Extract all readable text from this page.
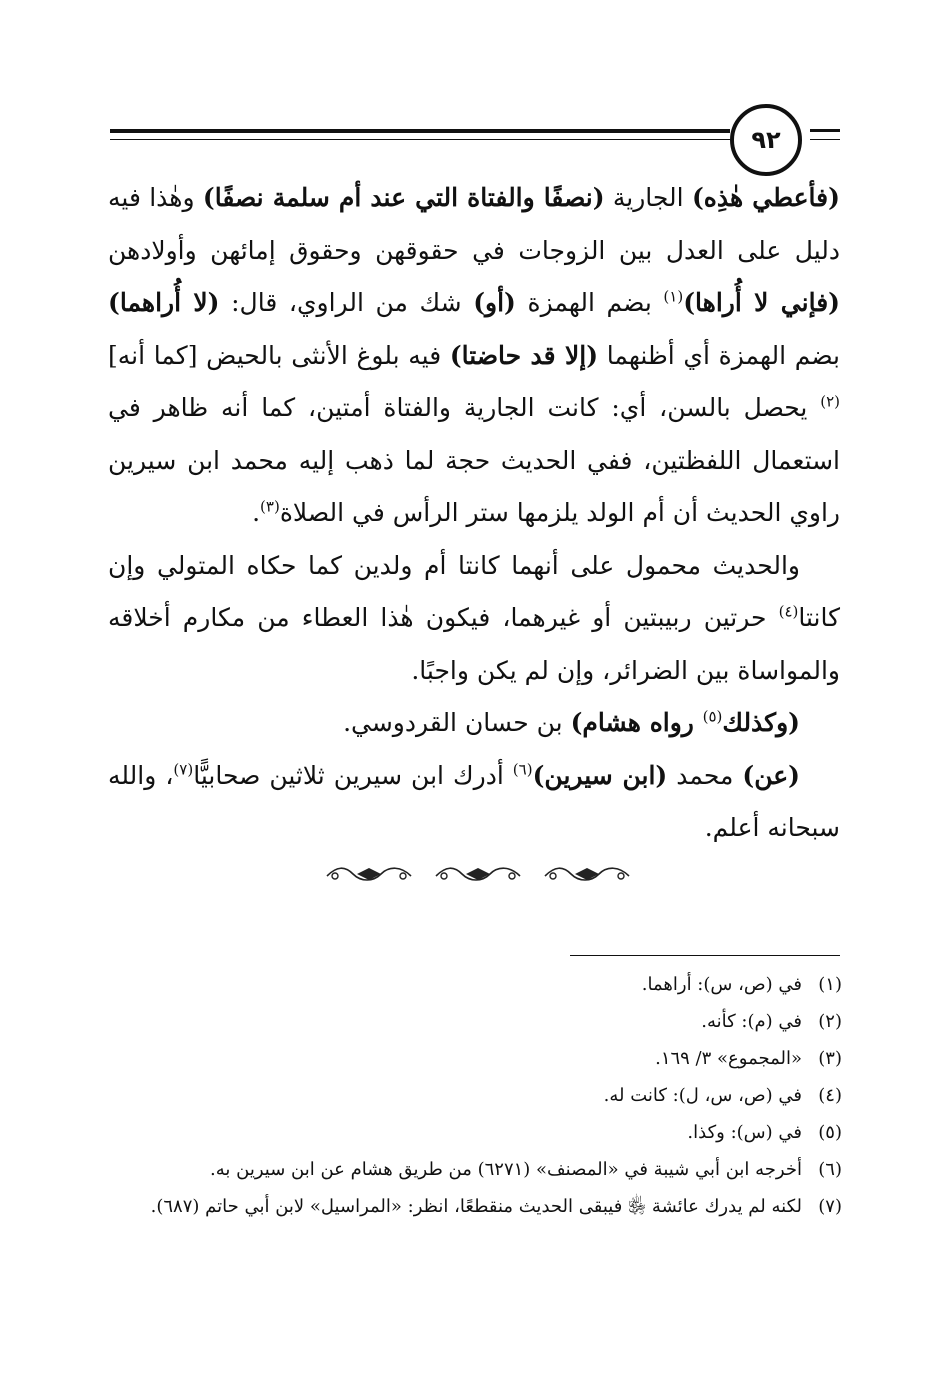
٩٢

(فأعطي هٰذِه) الجارية (نصفًا والفتاة التي عند أم سلمة نصفًا) وهٰذا فيه دليل على العدل بين الزوجات في حقوقهن وحقوق إمائهن وأولادهن (فإني لا أُراها)$^{(١)}$ بضم الهمزة (أو) شك من الراوي، قال: (لا أُراهما) بضم الهمزة أي أظنهما (إلا قد حاضتا) فيه بلوغ الأنثى بالحيض [كما أنه]$^{(٢)}$ يحصل بالسن، أي: كانت الجارية والفتاة أمتين، كما أنه ظاهر في استعمال اللفظتين، ففي الحديث حجة لما ذهب إليه محمد ابن سيرين راوي الحديث أن أم الولد يلزمها ستر الرأس في الصلاة$^{(٣)}$.

والحديث محمول على أنهما كانتا أم ولدين كما حكاه المتولي وإن كانتا$^{(٤)}$ حرتين ربيبتين أو غيرهما، فيكون هٰذا العطاء من مكارم أخلاقه والمواساة بين الضرائر، وإن لم يكن واجبًا.

(وكذلك$^{(٥)}$ رواه هشام) بن حسان القردوسي.

(عن) محمد (ابن سيرين)$^{(٦)}$ أدرك ابن سيرين ثلاثين صحابيًّا$^{(٧)}$، والله سبحانه أعلم.

(١)
في (ص، س): أراهما.
(٢)
في (م): كأنه.
(٣)
«المجموع» ٣/ ١٦٩.
(٤)
في (ص، س، ل): كانت له.
(٥)
في (س): وكذا.
(٦)
أخرجه ابن أبي شيبة في «المصنف» (٦٢٧١) من طريق هشام عن ابن سيرين به.
(٧)
لكنه لم يدرك عائشة ﵂ فيبقى الحديث منقطعًا، انظر: «المراسيل» لابن أبي حاتم (٦٨٧).
